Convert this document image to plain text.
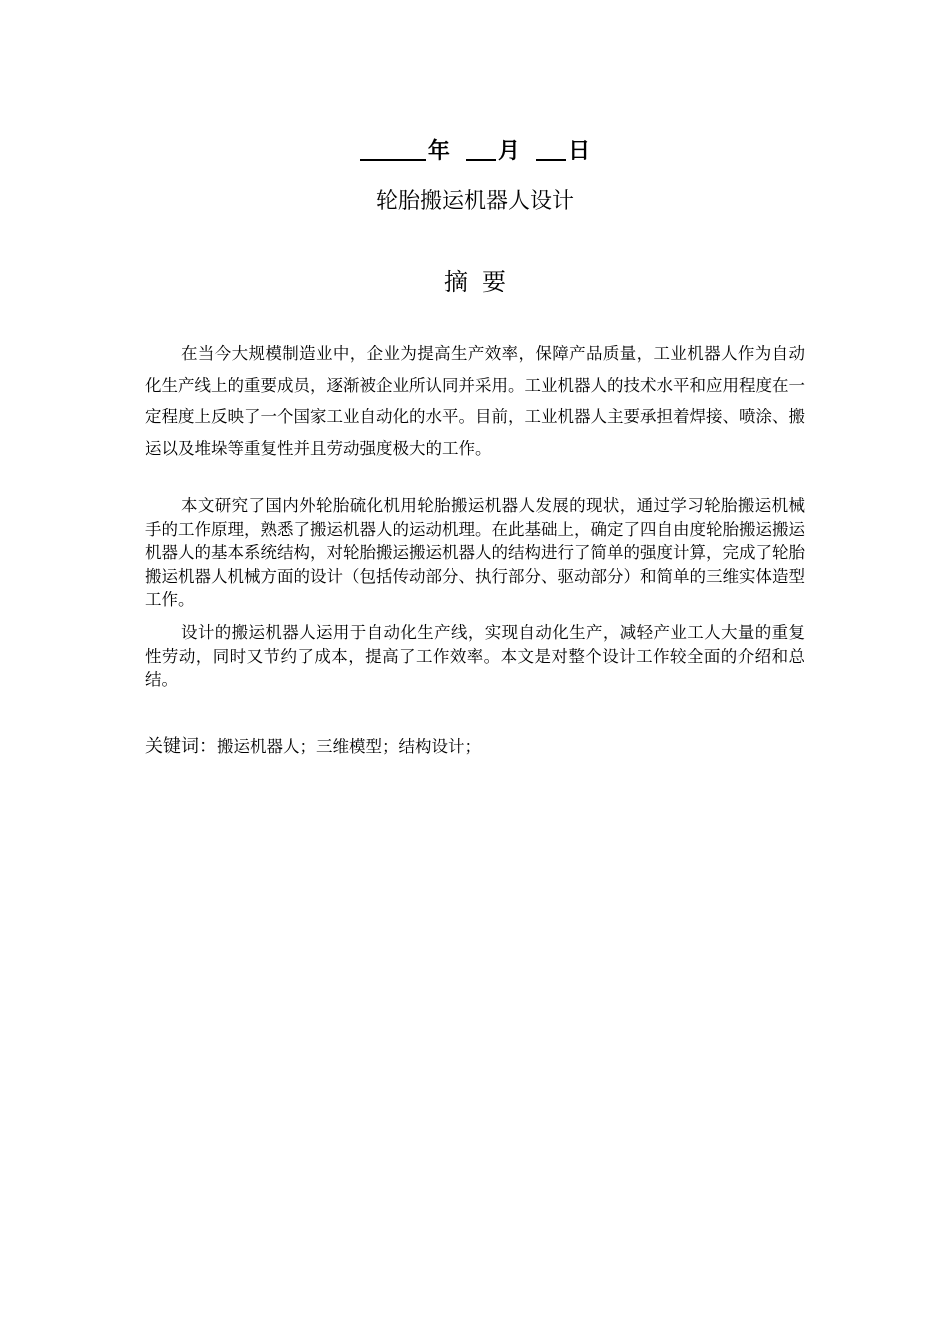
年 月 日
轮胎搬运机器人设计
摘要

在当今大规模制造业中，企业为提高生产效率，保障产品质量，工业机器人作为自动化生产线上的重要成员，逐渐被企业所认同并采用。工业机器人的技术水平和应用程度在一定程度上反映了一个国家工业自动化的水平。目前，工业机器人主要承担着焊接、喷涂、搬运以及堆垛等重复性并且劳动强度极大的工作。

本文研究了国内外轮胎硫化机用轮胎搬运机器人发展的现状，通过学习轮胎搬运机械手的工作原理，熟悉了搬运机器人的运动机理。在此基础上，确定了四自由度轮胎搬运搬运机器人的基本系统结构，对轮胎搬运搬运机器人的结构进行了简单的强度计算，完成了轮胎搬运机器人机械方面的设计（包括传动部分、执行部分、驱动部分）和简单的三维实体造型工作。

设计的搬运机器人运用于自动化生产线，实现自动化生产，减轻产业工人大量的重复性劳动，同时又节约了成本，提高了工作效率。本文是对整个设计工作较全面的介绍和总结。

关键词：搬运机器人；三维模型；结构设计；
